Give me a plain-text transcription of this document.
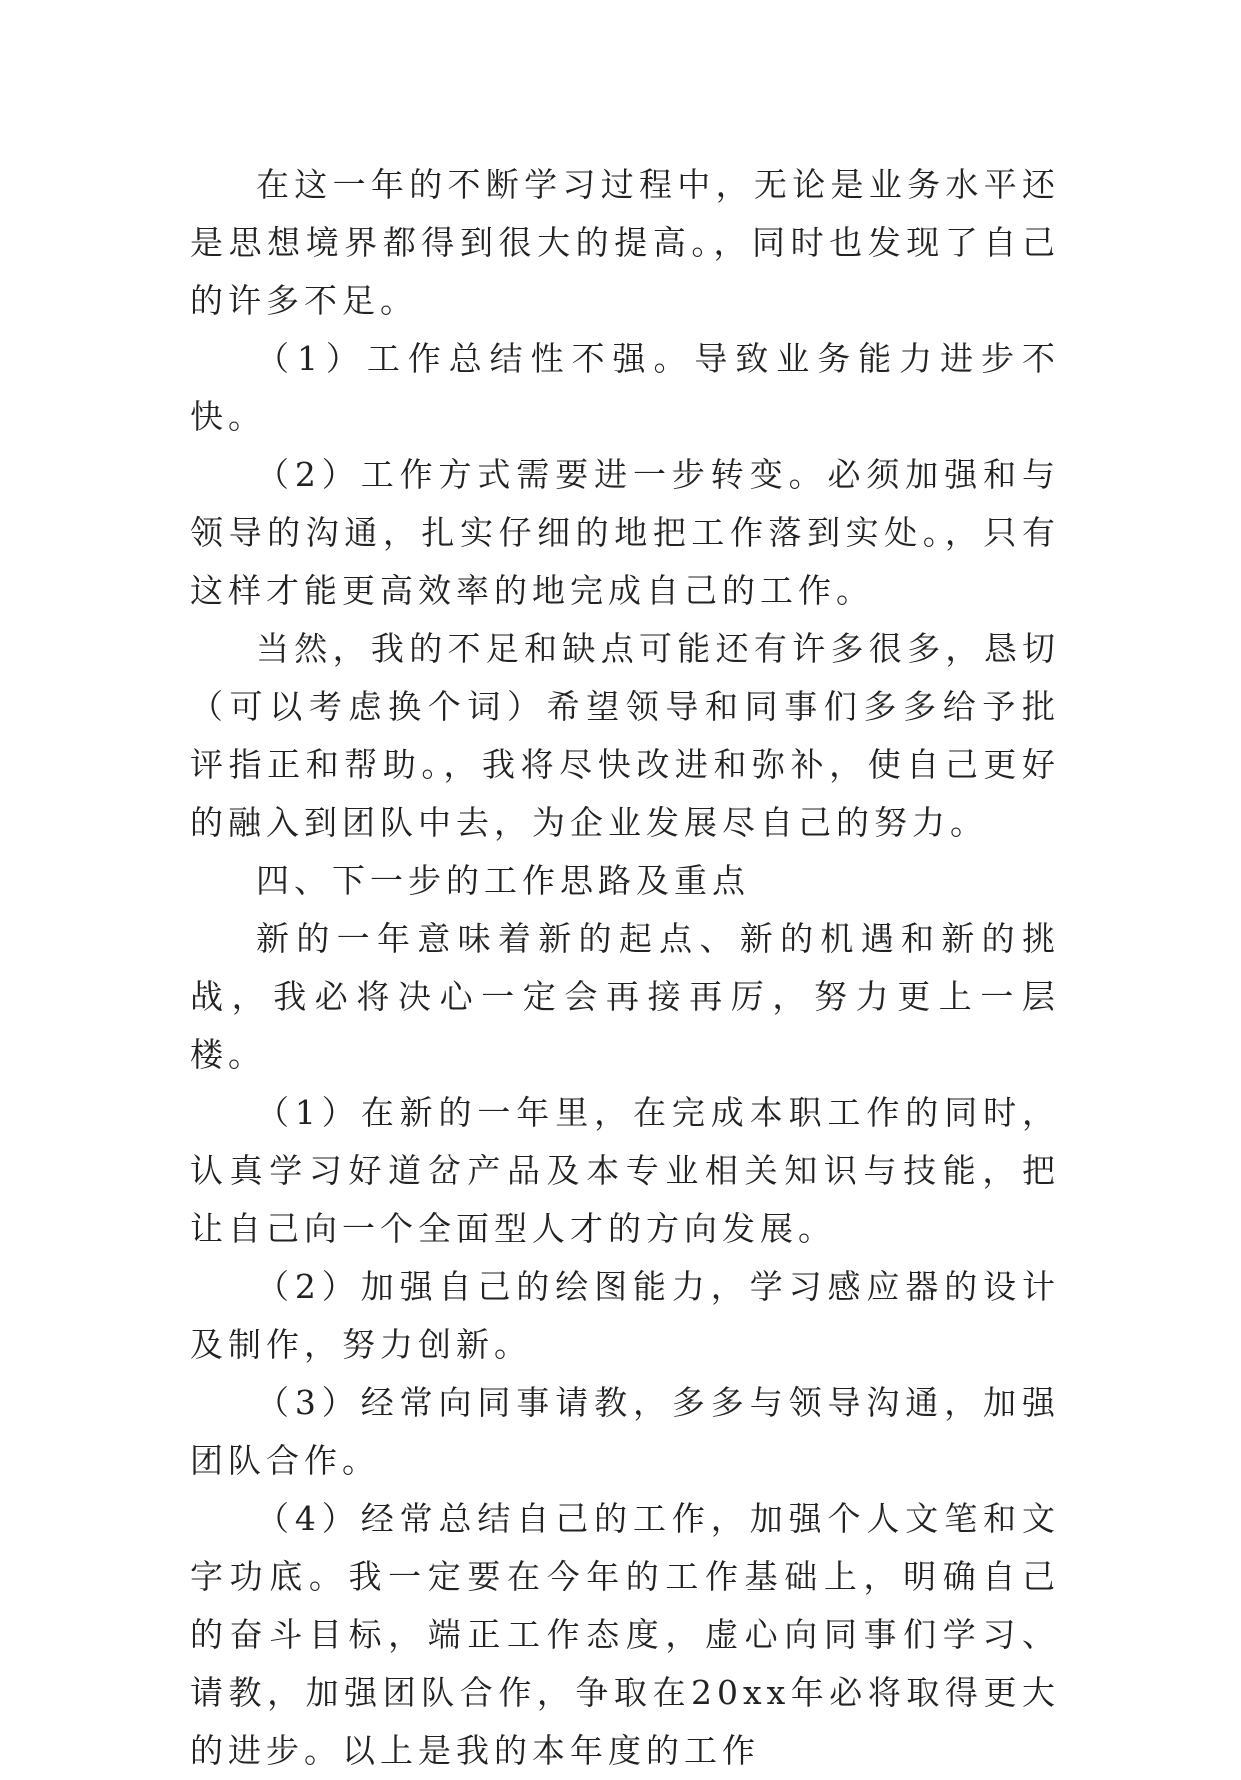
在这一年的不断学习过程中，无论是业务水平还是思想境界都得到很大的提高。，同时也发现了自己的许多不足。

（1）工作总结性不强。导致业务能力进步不快。

（2）工作方式需要进一步转变。必须加强和与领导的沟通，扎实仔细的地把工作落到实处。，只有这样才能更高效率的地完成自己的工作。

当然，我的不足和缺点可能还有许多很多，恳切（可以考虑换个词）希望领导和同事们多多给予批评指正和帮助。，我将尽快改进和弥补，使自己更好的融入到团队中去，为企业发展尽自己的努力。

四、下一步的工作思路及重点

新的一年意味着新的起点、新的机遇和新的挑战，我必将决心一定会再接再厉，努力更上一层楼。

（1）在新的一年里，在完成本职工作的同时，认真学习好道岔产品及本专业相关知识与技能，把让自己向一个全面型人才的方向发展。

（2）加强自己的绘图能力，学习感应器的设计及制作，努力创新。

（3）经常向同事请教，多多与领导沟通，加强团队合作。

（4）经常总结自己的工作，加强个人文笔和文字功底。我一定要在今年的工作基础上，明确自己的奋斗目标，端正工作态度，虚心向同事们学习、请教，加强团队合作，争取在20xx年必将取得更大的进步。以上是我的本年度的工作
